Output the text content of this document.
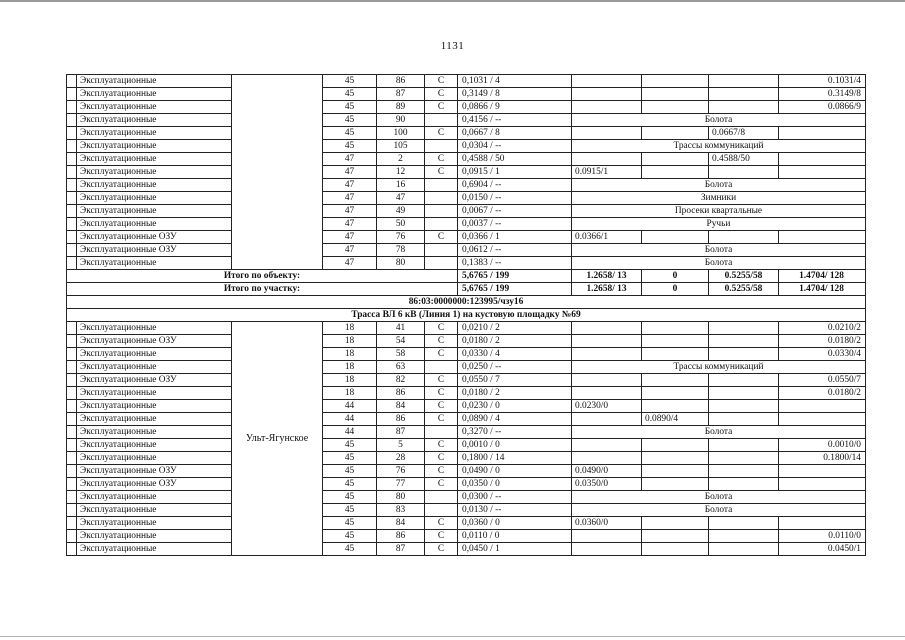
1131
	Эксплуатационные		45	86	С	0,1031 / 4				0.1031/4
	Эксплуатационные		45	87	С	0,3149 / 8				0.3149/8
	Эксплуатационные		45	89	С	0,0866 / 9				0.0866/9
	Эксплуатационные		45	90		0,4156 / --	Болота			
	Эксплуатационные		45	100	С	0,0667 / 8			0.0667/8	
	Эксплуатационные		45	105		0,0304 / --	Трассы коммуникаций			
	Эксплуатационные		47	2	С	0,4588 / 50			0.4588/50	
	Эксплуатационные		47	12	С	0,0915 / 1	0.0915/1			
	Эксплуатационные		47	16		0,6904 / --	Болота			
	Эксплуатационные		47	47		0,0150 / --	Зимники			
	Эксплуатационные		47	49		0,0067 / --	Просеки квартальные			
	Эксплуатационные		47	50		0,0037 / --	Ручьи			
	Эксплуатационные ОЗУ		47	76	С	0,0366 / 1	0.0366/1			
	Эксплуатационные ОЗУ		47	78		0,0612 / --	Болота			
	Эксплуатационные		47	80		0,1383 / --	Болота			
Итого по объекту:						5,6765 / 199	1.2658/ 13	0	0.5255/58	1.4704/ 128
Итого по участку:						5,6765 / 199	1.2658/ 13	0	0.5255/58	1.4704/ 128
86:03:0000000:123995/чзу16										
Трасса ВЛ 6 кВ (Линия 1) на кустовую площадку №69										
	Эксплуатационные	Ульт-Ягунское	18	41	С	0,0210 / 2				0.0210/2
	Эксплуатационные ОЗУ		18	54	С	0,0180 / 2				0.0180/2
	Эксплуатационные		18	58	С	0,0330 / 4				0.0330/4
	Эксплуатационные		18	63		0,0250 / --	Трассы коммуникаций			
	Эксплуатационные ОЗУ		18	82	С	0,0550 / 7				0.0550/7
	Эксплуатационные		18	86	С	0,0180 / 2				0.0180/2
	Эксплуатационные		44	84	С	0,0230 / 0	0.0230/0			
	Эксплуатационные		44	86	С	0,0890 / 4		0.0890/4		
	Эксплуатационные		44	87		0,3270 / --	Болота			
	Эксплуатационные		45	5	С	0,0010 / 0				0.0010/0
	Эксплуатационные		45	28	С	0,1800 / 14				0.1800/14
	Эксплуатационные ОЗУ		45	76	С	0,0490 / 0	0.0490/0			
	Эксплуатационные ОЗУ		45	77	С	0,0350 / 0	0.0350/0			
	Эксплуатационные		45	80		0,0300 / --	Болота			
	Эксплуатационные		45	83		0,0130 / --	Болота			
	Эксплуатационные		45	84	С	0,0360 / 0	0.0360/0			
	Эксплуатационные		45	86	С	0,0110 / 0				0.0110/0
	Эксплуатационные		45	87	С	0,0450 / 1				0.0450/1
